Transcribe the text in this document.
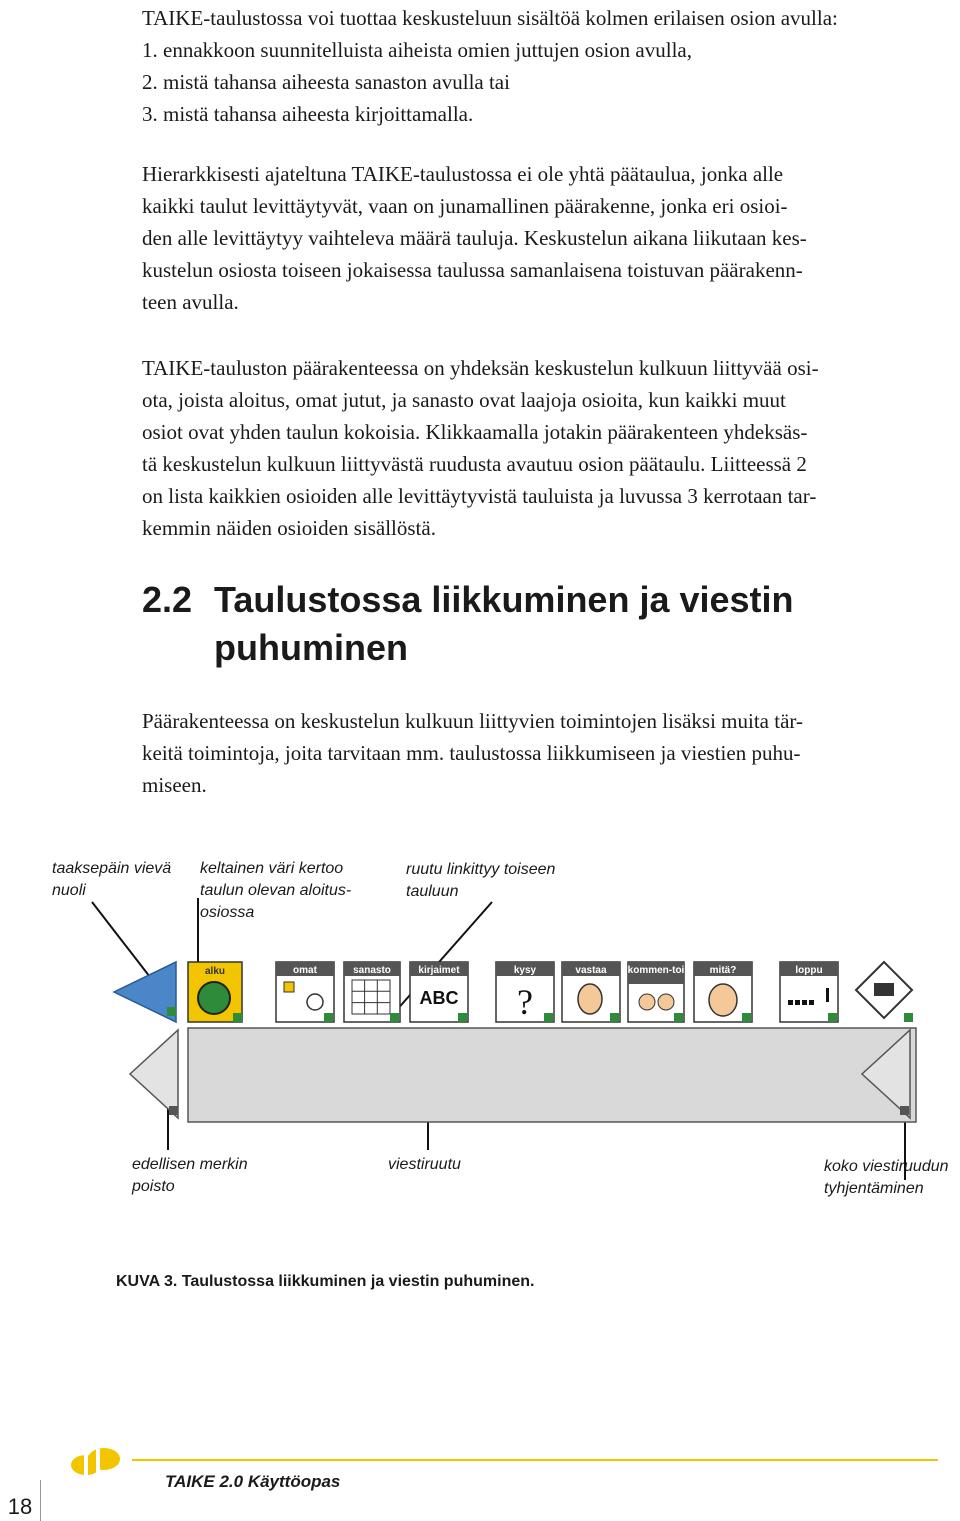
TAIKE-taulustossa voi tuottaa keskusteluun sisältöä kolmen erilaisen osion avulla:
1. ennakkoon suunnitelluista aiheista omien juttujen osion avulla,
2. mistä tahansa aiheesta sanaston avulla tai
3. mistä tahansa aiheesta kirjoittamalla.
Hierarkkisesti ajateltuna TAIKE-taulustossa ei ole yhtä päätaulua, jonka alle
kaikki taulut levittäytyvät, vaan on junamallinen päärakenne, jonka eri osioi-
den alle levittäytyy vaihteleva määrä tauluja. Keskustelun aikana liikutaan kes-
kustelun osiosta toiseen jokaisessa taulussa samanlaisena toistuvan päärakenn-
teen avulla.
TAIKE-tauluston päärakenteessa on yhdeksän keskustelun kulkuun liittyvää osi-
ota, joista aloitus, omat jutut, ja sanasto ovat laajoja osioita, kun kaikki muut
osiot ovat yhden taulun kokoisia. Klikkaamalla jotakin päärakenteen yhdeksäs-
tä keskustelun kulkuun liittyvästä ruudusta avautuu osion päätaulu. Liitteessä 2
on lista kaikkien osioiden alle levittäytyvistä tauluista ja luvussa 3 kerrotaan tar-
kemmin näiden osioiden sisällöstä.
2.2 Taulustossa liikkuminen ja viestin
puhuminen
Päärakenteessa on keskustelun kulkuun liittyvien toimintojen lisäksi muita tär-
keitä toimintoja, joita tarvitaan mm. taulustossa liikkumiseen ja viestien puhu-
miseen.
taaksepäin vievä
nuoli
keltainen väri kertoo
taulun olevan aloitus-
osiossa
ruutu linkittyy toiseen
tauluun
edellisen merkin
poisto
viestiruutu	koko viestiruudun
tyhjentäminen
alku	omat	sanasto	kirjaimet
ABC
kysy
?
vastaa kommen-toi	mitä?	loppu
KUVA 3. Taulustossa liikkuminen ja viestin puhuminen.
TAIKE 2.0 Käyttöopas
18
